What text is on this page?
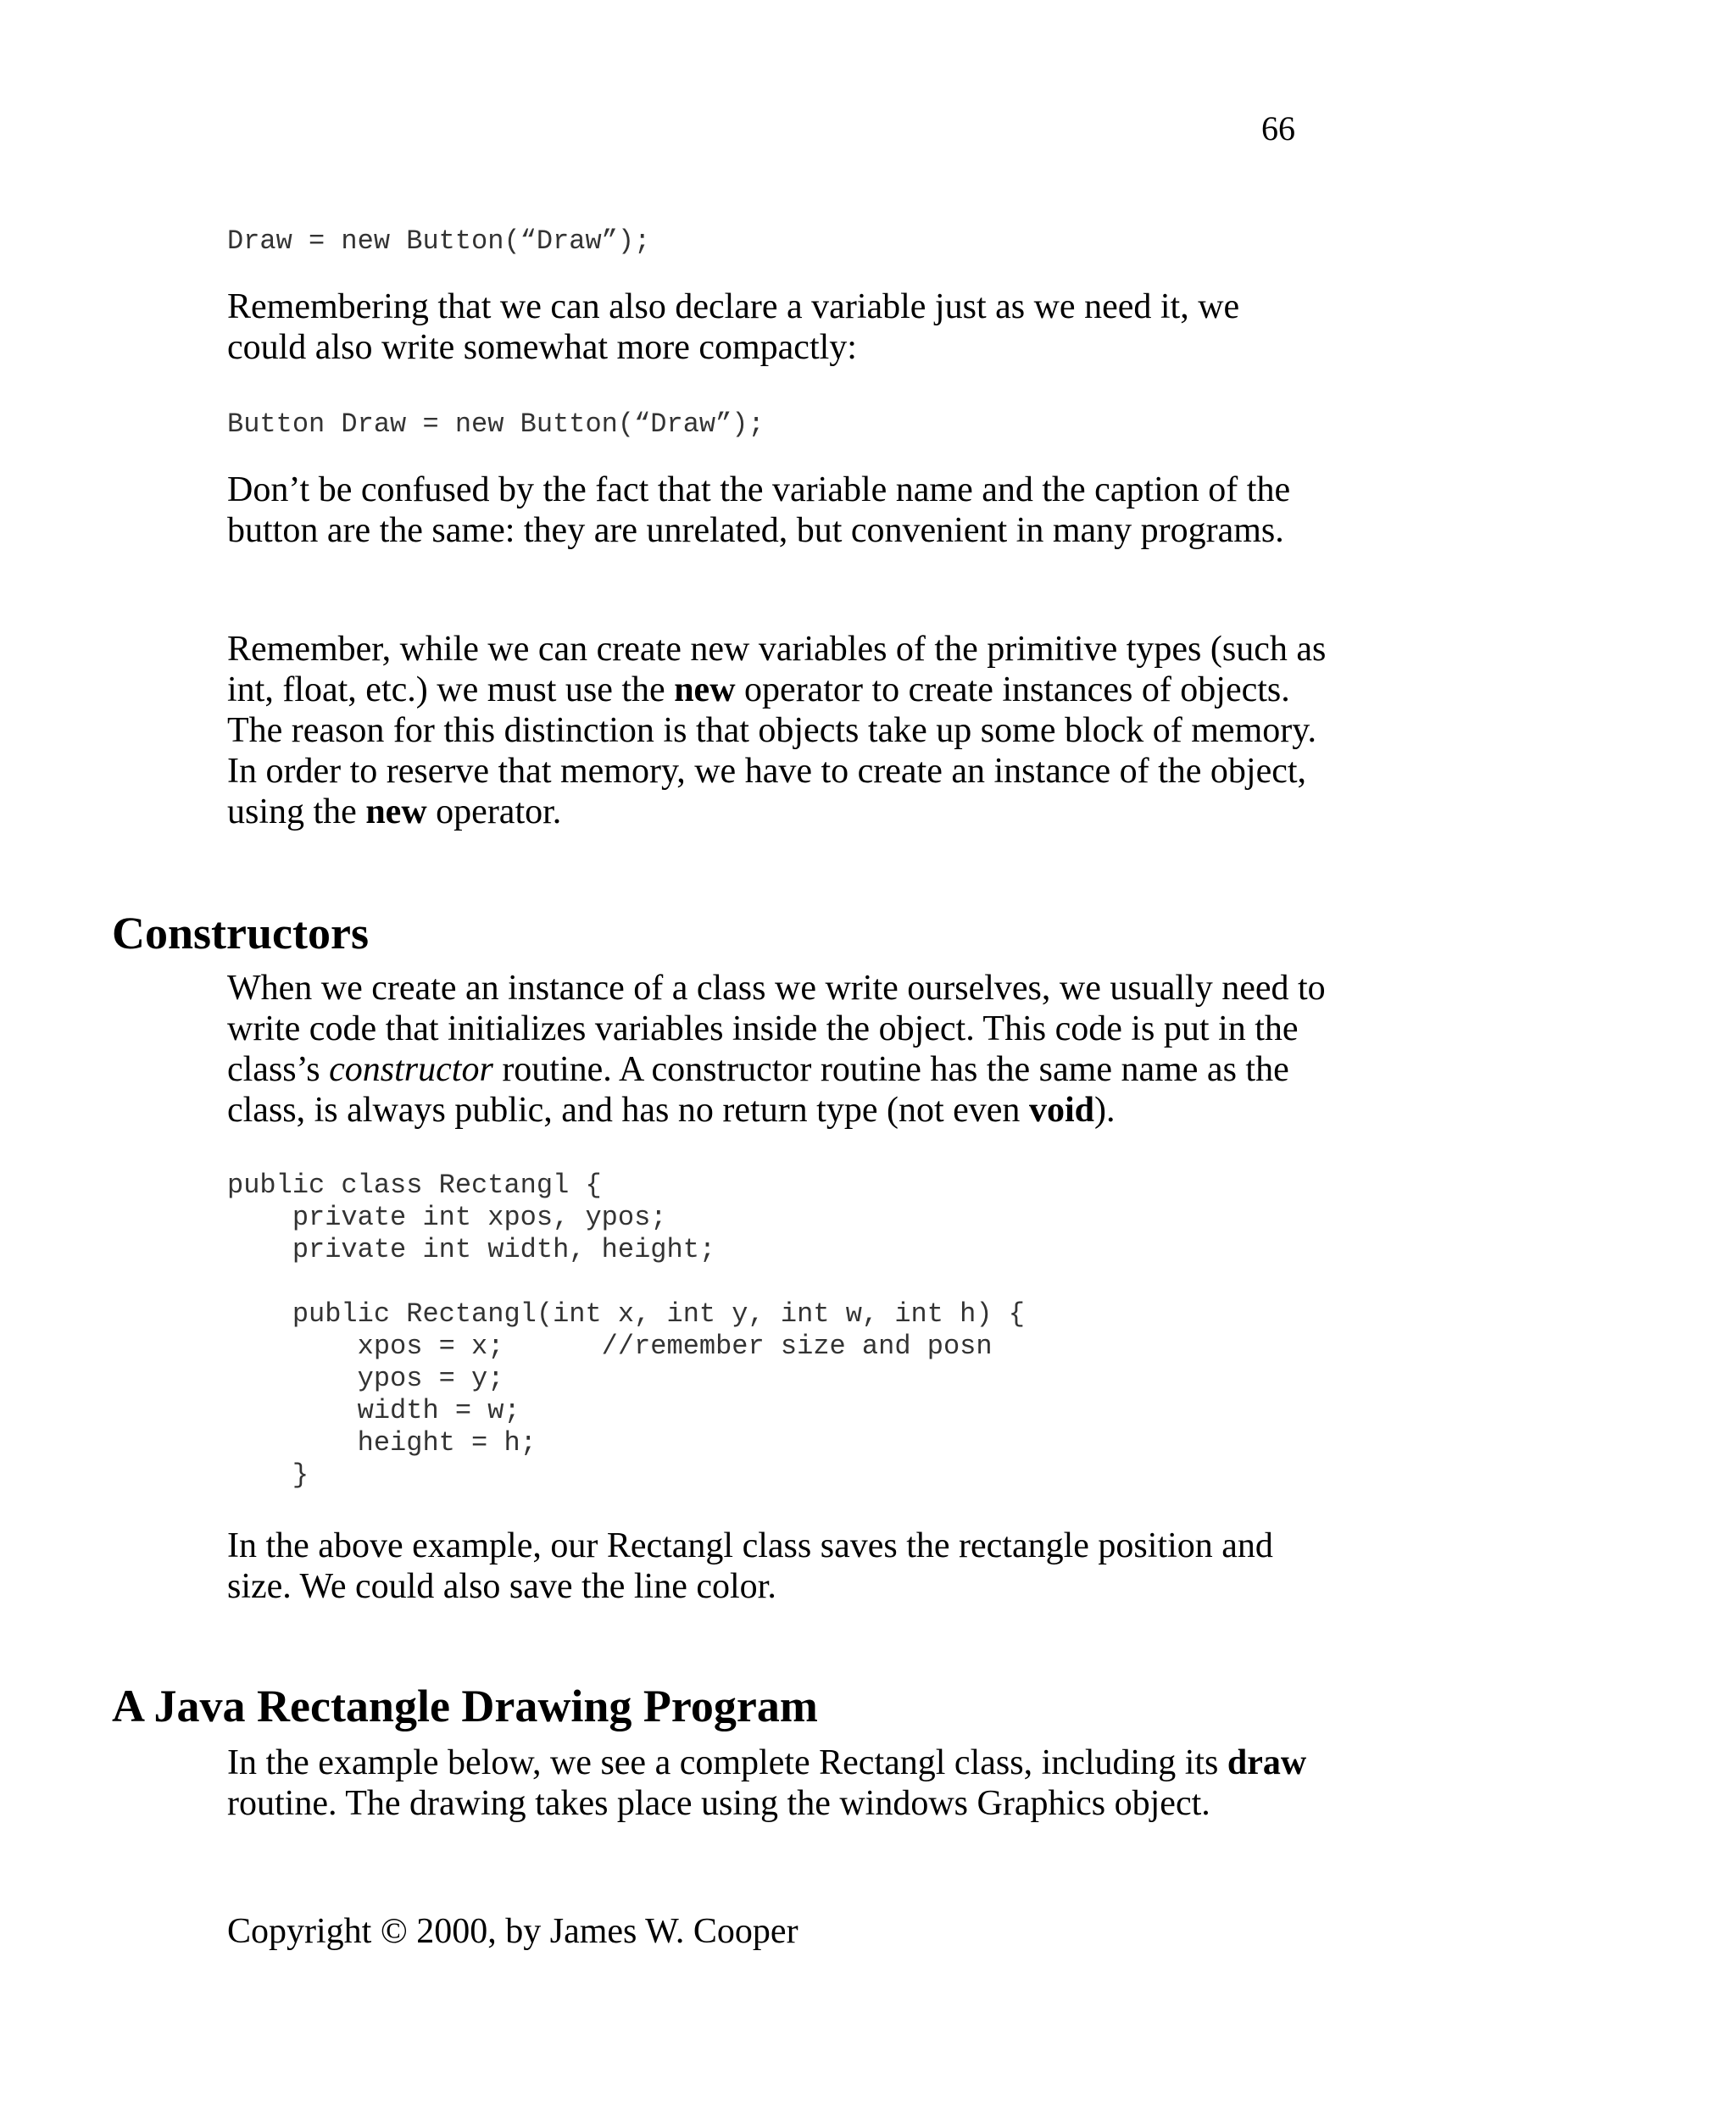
66
Draw = new Button(“Draw”);

Remembering that we can also declare a variable just as we need it, we could also write somewhat more compactly:

Button Draw = new Button(“Draw”);

Don’t be confused by the fact that the variable name and the caption of the button are the same: they are unrelated, but convenient in many programs.

Remember, while we can create new variables of the primitive types (such as int, float, etc.) we must use the new operator to create instances of objects. The reason for this distinction is that objects take up some block of memory. In order to reserve that memory, we have to create an instance of the object, using the new operator.

Constructors

When we create an instance of a class we write ourselves, we usually need to write code that initializes variables inside the object. This code is put in the class’s constructor routine. A constructor routine has the same name as the class, is always public, and has no return type (not even void).

public class Rectangl {
private int xpos, ypos;
private int width, height;

public Rectangl(int x, int y, int w, int h) {
xpos = x;      //remember size and posn
ypos = y;
width = w;
height = h;
}

In the above example, our Rectangl class saves the rectangle position and size. We could also save the line color.

A Java Rectangle Drawing Program

In the example below, we see a complete Rectangl class, including its draw routine. The drawing takes place using the windows Graphics object.

Copyright © 2000, by James W. Cooper
